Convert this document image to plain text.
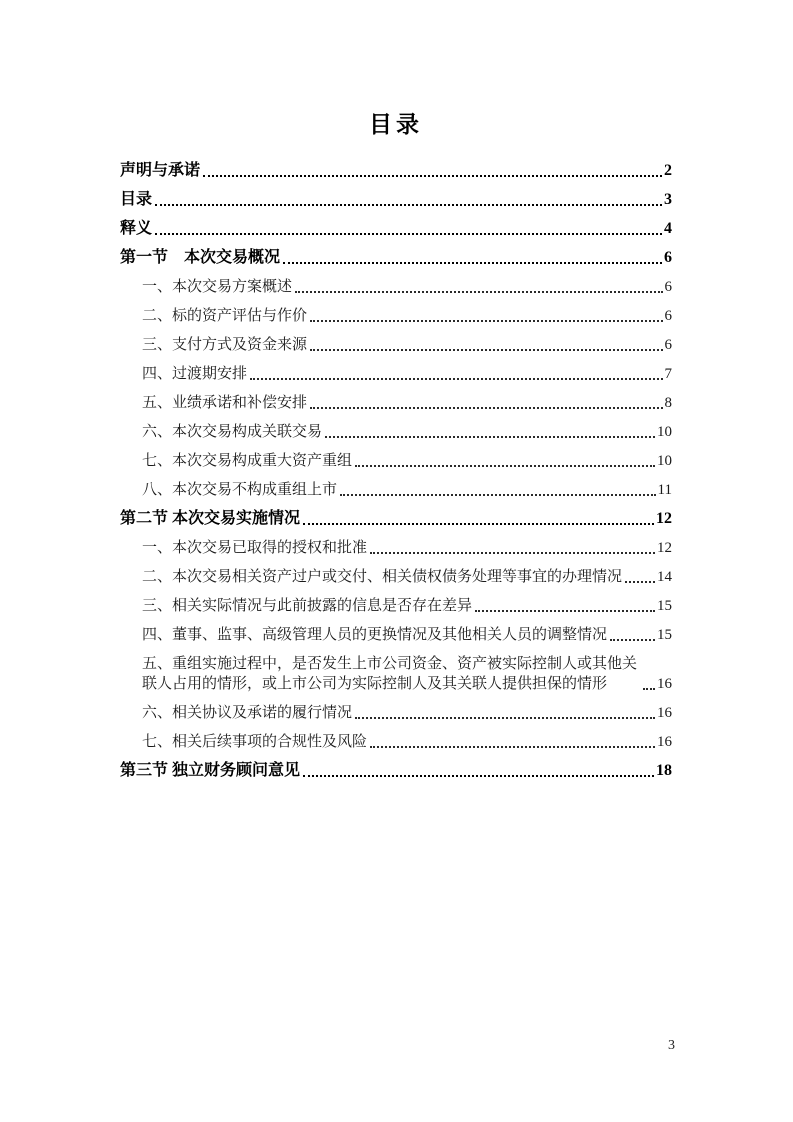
目录
声明与承诺	2
目录	3
释义	4
第一节　本次交易概况	6
一、本次交易方案概述	6
二、标的资产评估与作价	6
三、支付方式及资金来源	6
四、过渡期安排	7
五、业绩承诺和补偿安排	8
六、本次交易构成关联交易	10
七、本次交易构成重大资产重组	10
八、本次交易不构成重组上市	11
第二节 本次交易实施情况	12
一、本次交易已取得的授权和批准	12
二、本次交易相关资产过户或交付、相关债权债务处理等事宜的办理情况 14
三、相关实际情况与此前披露的信息是否存在差异	15
四、董事、监事、高级管理人员的更换情况及其他相关人员的调整情况	15
五、重组实施过程中，是否发生上市公司资金、资产被实际控制人或其他关联人占用的情形，或上市公司为实际控制人及其关联人提供担保的情形	16
六、相关协议及承诺的履行情况	16
七、相关后续事项的合规性及风险	16
第三节 独立财务顾问意见	18
3
